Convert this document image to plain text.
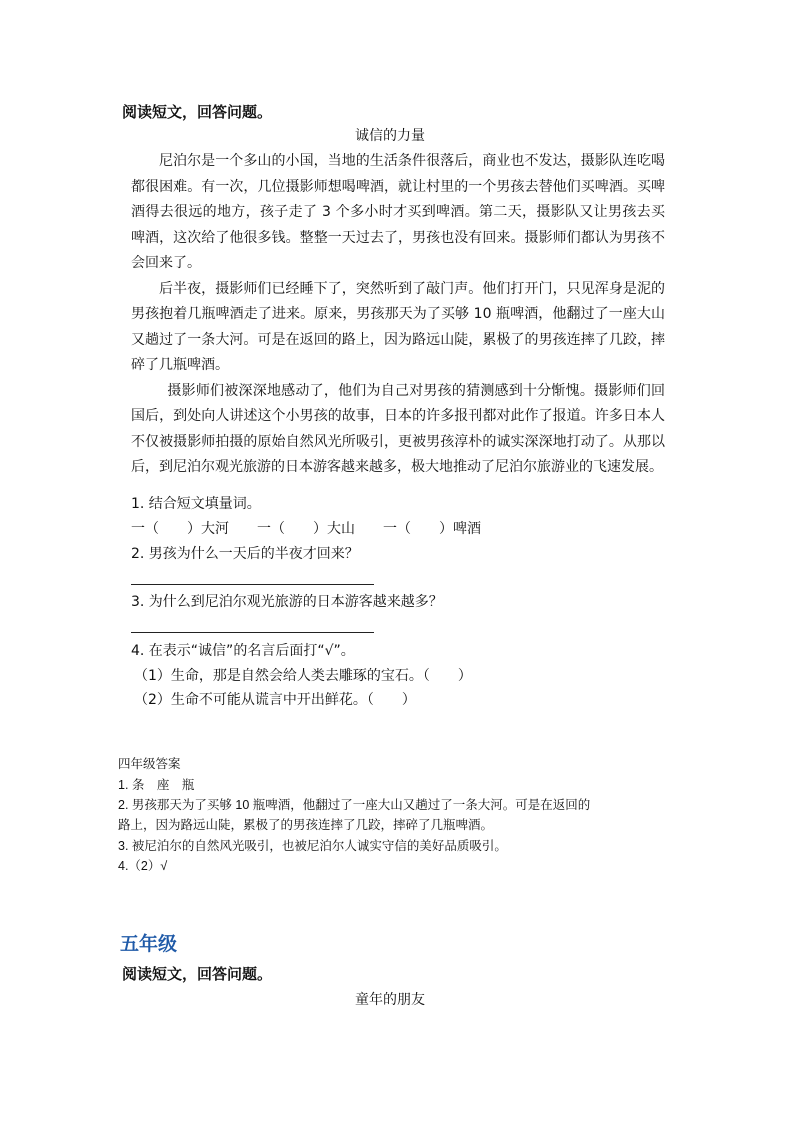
阅读短文，回答问题。
诚信的力量

尼泊尔是一个多山的小国，当地的生活条件很落后，商业也不发达，摄影队连吃喝都很困难。有一次，几位摄影师想喝啤酒，就让村里的一个男孩去替他们买啤酒。买啤酒得去很远的地方，孩子走了 3 个多小时才买到啤酒。第二天，摄影队又让男孩去买啤酒，这次给了他很多钱。整整一天过去了，男孩也没有回来。摄影师们都认为男孩不会回来了。

后半夜，摄影师们已经睡下了，突然听到了敲门声。他们打开门，只见浑身是泥的男孩抱着几瓶啤酒走了进来。原来，男孩那天为了买够 10 瓶啤酒，他翻过了一座大山又趟过了一条大河。可是在返回的路上，因为路远山陡，累极了的男孩连摔了几跤，摔碎了几瓶啤酒。

摄影师们被深深地感动了，他们为自己对男孩的猜测感到十分惭愧。摄影师们回国后，到处向人讲述这个小男孩的故事，日本的许多报刊都对此作了报道。许多日本人不仅被摄影师拍摄的原始自然风光所吸引，更被男孩淳朴的诚实深深地打动了。从那以后，到尼泊尔观光旅游的日本游客越来越多，极大地推动了尼泊尔旅游业的飞速发展。

1. 结合短文填量词。
一（　　）大河　　一（　　）大山　　一（　　）啤酒
2. 男孩为什么一天后的半夜才回来？
3. 为什么到尼泊尔观光旅游的日本游客越来越多？
4. 在表示“诚信”的名言后面打“√”。
（1）生命，那是自然会给人类去雕琢的宝石。（　　）
（2）生命不可能从谎言中开出鲜花。（　　）
四年级答案
1. 条　座　瓶
2. 男孩那天为了买够 10 瓶啤酒，他翻过了一座大山又趟过了一条大河。可是在返回的
路上，因为路远山陡，累极了的男孩连摔了几跤，摔碎了几瓶啤酒。
3. 被尼泊尔的自然风光吸引，也被尼泊尔人诚实守信的美好品质吸引。
4.（2）√
五年级
阅读短文，回答问题。
童年的朋友
